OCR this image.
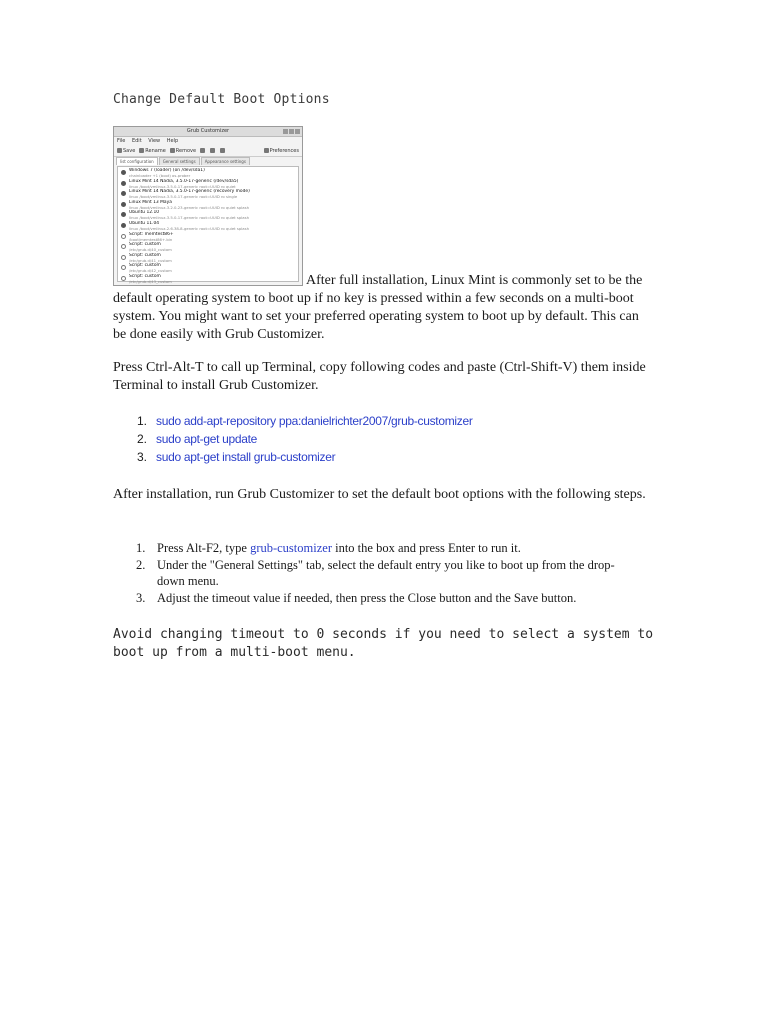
Change Default Boot Options
Grub Customizer
File Edit View Help
Save	Rename	Remove	Preferences
list configuration	General settings	Appearance settings
Windows 7 (loader) (on /dev/sda1)
chainloader +1 (boot) os-prober
Linux Mint 14 Nadia, 3.5.0-17-generic (/dev/sda5)
linux /boot/vmlinuz-3.5.0-17-generic root=UUID ro quiet
Linux Mint 14 Nadia, 3.5.0-17-generic (recovery mode)
linux /boot/vmlinuz-3.5.0-17-generic root=UUID ro single
Linux Mint 13 Maya
linux /boot/vmlinuz-3.2.0-23-generic root=UUID ro quiet splash
Ubuntu 12.10
linux /boot/vmlinuz-3.5.0-17-generic root=UUID ro quiet splash
Ubuntu 11.04
linux /boot/vmlinuz-2.6.38-8-generic root=UUID ro quiet splash
Script: memtest86+
/boot/memtest86+.bin
Script: custom
/etc/grub.d/40_custom
Script: custom
/etc/grub.d/41_custom
Script: custom
/etc/grub.d/42_custom
Script: custom
/etc/grub.d/43_custom	After full installation, Linux Mint is commonly set to be the default operating system to boot up if no key is pressed within a few seconds on a multi-boot system. You might want to set your preferred operating system to boot up by default. This can be done easily with Grub Customizer.
Press Ctrl-Alt-T to call up Terminal, copy following codes and paste (Ctrl-Shift-V) them inside Terminal to install Grub Customizer.
1. sudo add-apt-repository ppa:danielrichter2007/grub-customizer
2. sudo apt-get update
3. sudo apt-get install grub-customizer
After installation, run Grub Customizer to set the default boot options with the following steps.
1. Press Alt-F2, type grub-customizer into the box and press Enter to run it.
2. Under the "General Settings" tab, select the default entry you like to boot up from the drop-down menu.
3. Adjust the timeout value if needed, then press the Close button and the Save button.
Avoid changing timeout to 0 seconds if you need to select a system to boot up from a multi-boot menu.
